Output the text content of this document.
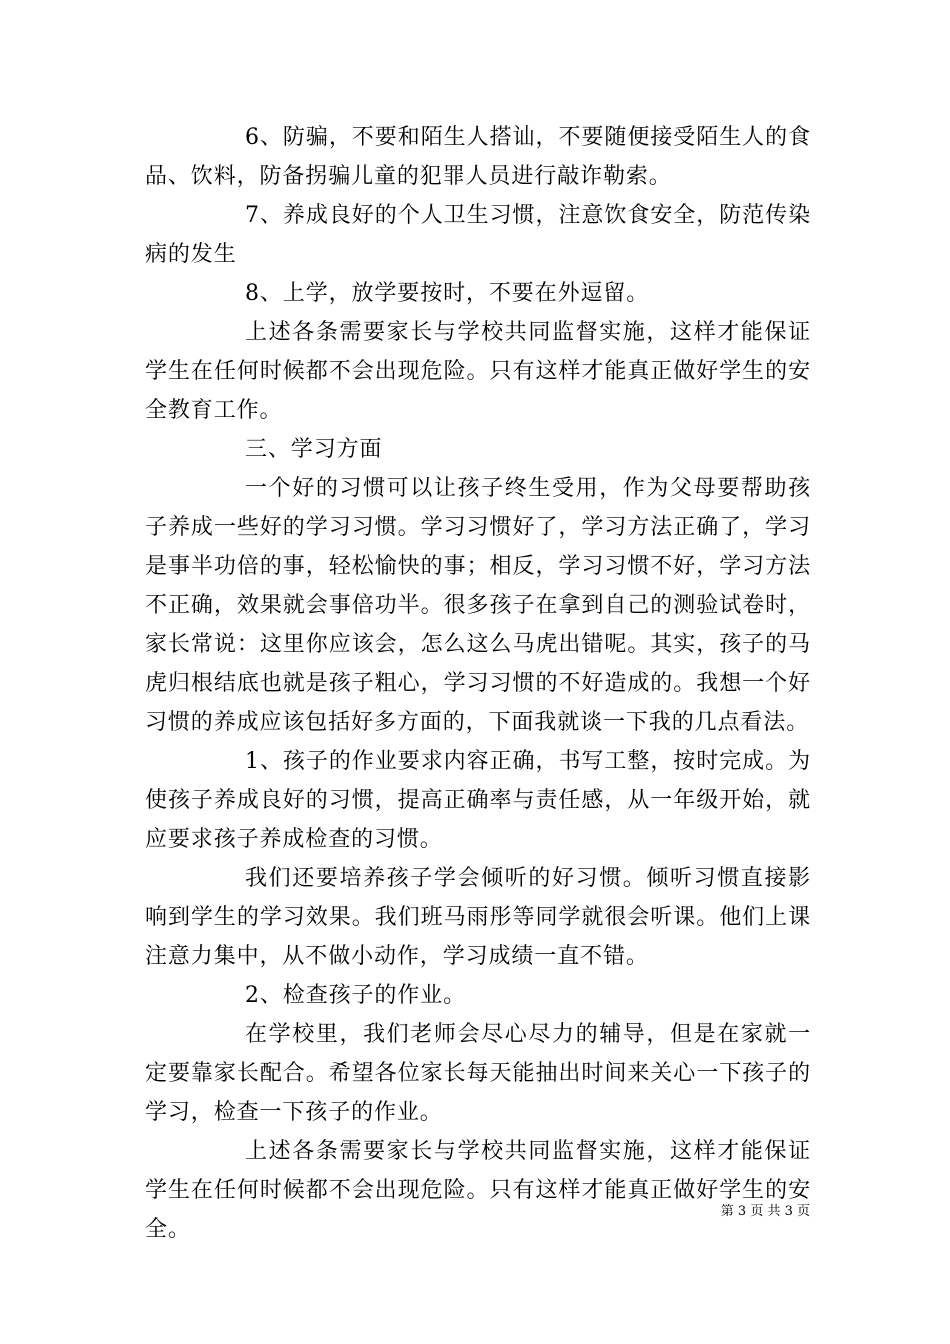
6、防骗，不要和陌生人搭讪，不要随便接受陌生人的食品、饮料，防备拐骗儿童的犯罪人员进行敲诈勒索。

7、养成良好的个人卫生习惯，注意饮食安全，防范传染病的发生

8、上学，放学要按时，不要在外逗留。

上述各条需要家长与学校共同监督实施，这样才能保证学生在任何时候都不会出现危险。只有这样才能真正做好学生的安全教育工作。

三、学习方面

一个好的习惯可以让孩子终生受用，作为父母要帮助孩子养成一些好的学习习惯。学习习惯好了，学习方法正确了，学习是事半功倍的事，轻松愉快的事；相反，学习习惯不好，学习方法不正确，效果就会事倍功半。很多孩子在拿到自己的测验试卷时，家长常说：这里你应该会，怎么这么马虎出错呢。其实，孩子的马虎归根结底也就是孩子粗心，学习习惯的不好造成的。我想一个好习惯的养成应该包括好多方面的，下面我就谈一下我的几点看法。

1、孩子的作业要求内容正确，书写工整，按时完成。为使孩子养成良好的习惯，提高正确率与责任感，从一年级开始，就应要求孩子养成检查的习惯。

我们还要培养孩子学会倾听的好习惯。倾听习惯直接影响到学生的学习效果。我们班马雨彤等同学就很会听课。他们上课注意力集中，从不做小动作，学习成绩一直不错。

2、检查孩子的作业。

在学校里，我们老师会尽心尽力的辅导，但是在家就一定要靠家长配合。希望各位家长每天能抽出时间来关心一下孩子的学习，检查一下孩子的作业。

上述各条需要家长与学校共同监督实施，这样才能保证学生在任何时候都不会出现危险。只有这样才能真正做好学生的安全。

第 3 页 共 3 页
